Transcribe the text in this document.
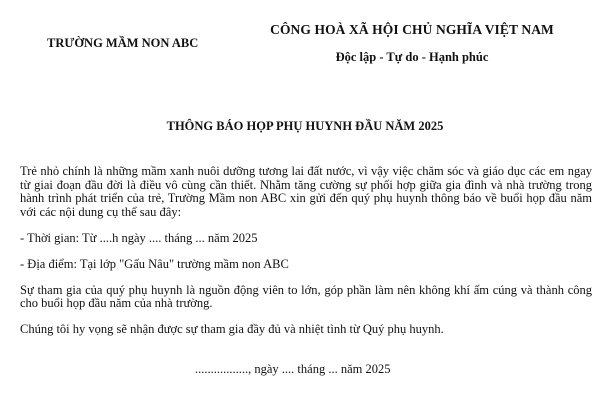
TRƯỜNG MẦM NON ABC
CÔNG HOÀ XÃ HỘI CHỦ NGHĨA VIỆT NAM
Độc lập - Tự do - Hạnh phúc
THÔNG BÁO HỌP PHỤ HUYNH ĐẦU NĂM 2025

Trẻ nhỏ chính là những mầm xanh nuôi dưỡng tương lai đất nước, vì vậy việc chăm sóc và giáo dục các em ngay từ giai đoạn đầu đời là điều vô cùng cần thiết. Nhằm tăng cường sự phối hợp giữa gia đình và nhà trường trong hành trình phát triển của trẻ, Trường Mầm non ABC xin gửi đến quý phụ huynh thông báo về buổi họp đầu năm với các nội dung cụ thể sau đây:

- Thời gian: Từ ....h ngày .... tháng ... năm 2025

- Địa điểm: Tại lớp "Gấu Nâu" trường mầm non ABC

Sự tham gia của quý phụ huynh là nguồn động viên to lớn, góp phần làm nên không khí ấm cúng và thành công cho buổi họp đầu năm của nhà trường.

Chúng tôi hy vọng sẽ nhận được sự tham gia đầy đủ và nhiệt tình từ Quý phụ huynh.

................., ngày .... tháng ... năm 2025
